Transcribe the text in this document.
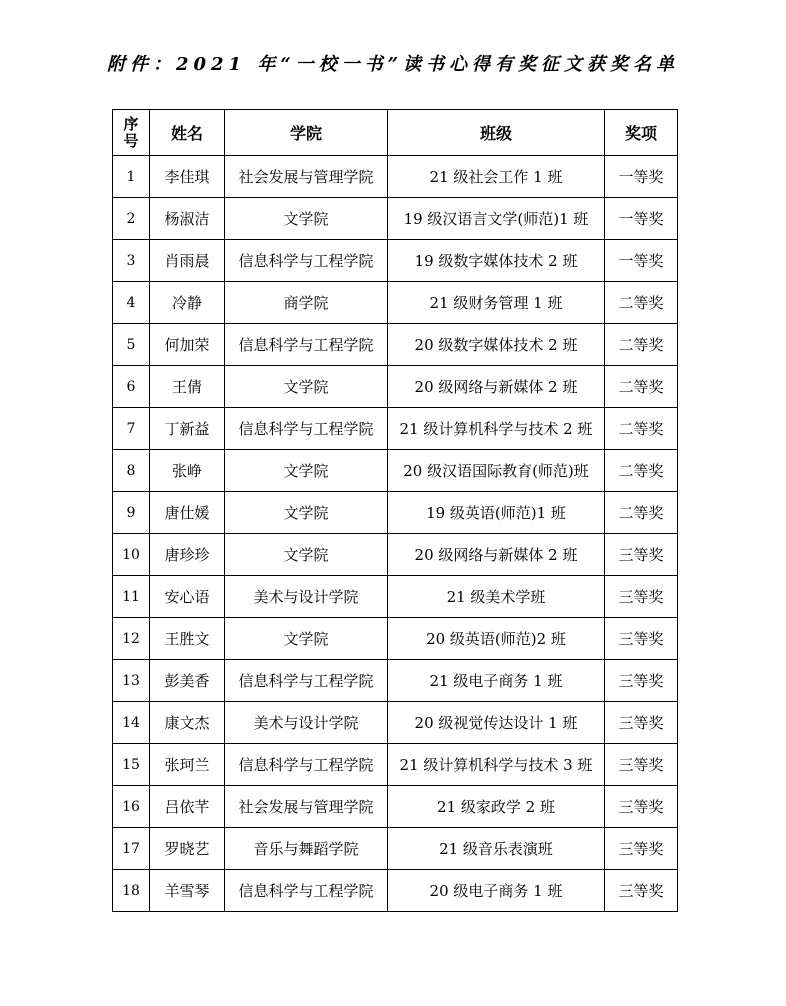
附件：2021 年“一校一书”读书心得有奖征文获奖名单
序
号	姓名	学院	班级	奖项
1	李佳琪	社会发展与管理学院	21 级社会工作 1 班	一等奖
2	杨淑洁	文学院	19 级汉语言文学(师范)1 班	一等奖
3	肖雨晨	信息科学与工程学院	19 级数字媒体技术 2 班	一等奖
4	冷静	商学院	21 级财务管理 1 班	二等奖
5	何加荣	信息科学与工程学院	20 级数字媒体技术 2 班	二等奖
6	王倩	文学院	20 级网络与新媒体 2 班	二等奖
7	丁新益	信息科学与工程学院	21 级计算机科学与技术 2 班	二等奖
8	张峥	文学院	20 级汉语国际教育(师范)班	二等奖
9	唐仕媛	文学院	19 级英语(师范)1 班	二等奖
10	唐珍珍	文学院	20 级网络与新媒体 2 班	三等奖
11	安心语	美术与设计学院	21 级美术学班	三等奖
12	王胜文	文学院	20 级英语(师范)2 班	三等奖
13	彭美香	信息科学与工程学院	21 级电子商务 1 班	三等奖
14	康文杰	美术与设计学院	20 级视觉传达设计 1 班	三等奖
15	张珂兰	信息科学与工程学院	21 级计算机科学与技术 3 班	三等奖
16	吕依芊	社会发展与管理学院	21 级家政学 2 班	三等奖
17	罗晓艺	音乐与舞蹈学院	21 级音乐表演班	三等奖
18	羊雪琴	信息科学与工程学院	20 级电子商务 1 班	三等奖
